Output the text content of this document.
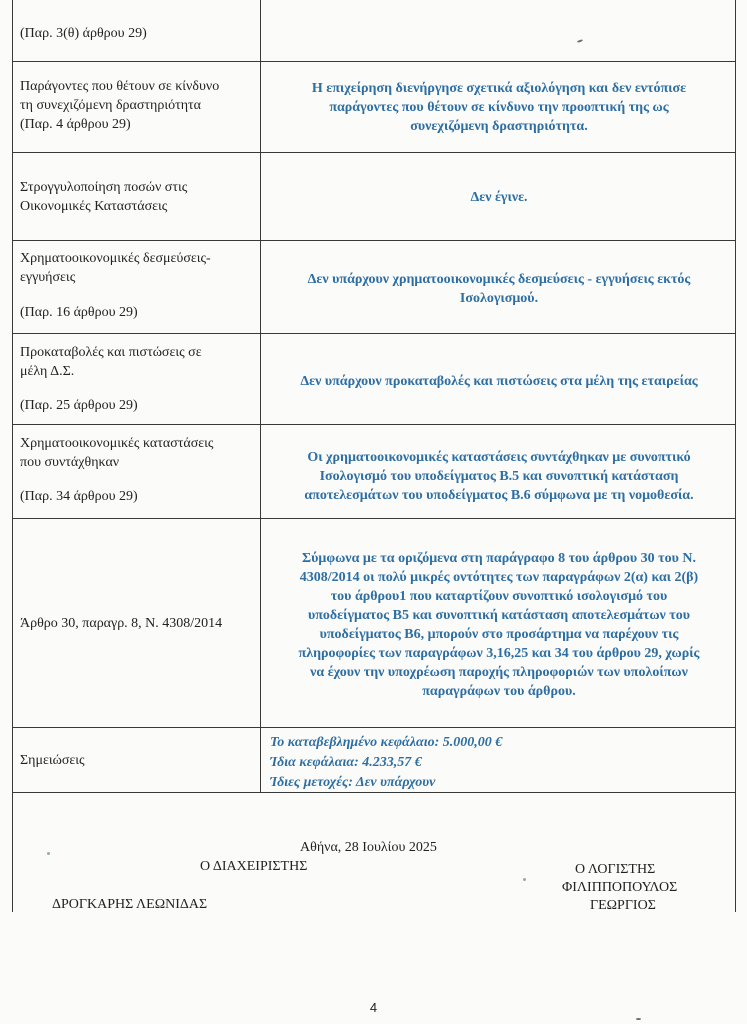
(Παρ. 3(θ) άρθρου 29)
Παράγοντες που θέτουν σε κίνδυνο
τη συνεχιζόμενη δραστηριότητα
(Παρ. 4 άρθρου 29)
Η επιχείρηση διενήργησε σχετικά αξιολόγηση και δεν εντόπισε
παράγοντες που θέτουν σε κίνδυνο την προοπτική της ως
συνεχιζόμενη δραστηριότητα.
Στρογγυλοποίηση ποσών στις
Οικονομικές Καταστάσεις
Δεν έγινε.
Χρηματοοικονομικές δεσμεύσεις-
εγγυήσεις
(Παρ. 16 άρθρου 29)
Δεν υπάρχουν χρηματοοικονομικές δεσμεύσεις - εγγυήσεις εκτός
Ισολογισμού.
Προκαταβολές και πιστώσεις σε
μέλη Δ.Σ.
(Παρ. 25 άρθρου 29)
Δεν υπάρχουν προκαταβολές και πιστώσεις στα μέλη της εταιρείας
Χρηματοοικονομικές καταστάσεις
που συντάχθηκαν
(Παρ. 34 άρθρου 29)
Οι χρηματοοικονομικές καταστάσεις συντάχθηκαν με συνοπτικό
Ισολογισμό του υποδείγματος Β.5 και συνοπτική κατάσταση
αποτελεσμάτων του υποδείγματος Β.6 σύμφωνα με τη νομοθεσία.
Άρθρο 30, παραγρ. 8, Ν. 4308/2014
Σύμφωνα με τα οριζόμενα στη παράγραφο 8 του άρθρου 30 του Ν.
4308/2014 οι πολύ μικρές οντότητες των παραγράφων 2(α) και 2(β)
του άρθρου1 που καταρτίζουν συνοπτικό ισολογισμό του
υποδείγματος Β5 και συνοπτική κατάσταση αποτελεσμάτων του
υποδείγματος Β6, μπορούν στο προσάρτημα να παρέχουν τις
πληροφορίες των παραγράφων 3,16,25 και 34 του άρθρου 29, χωρίς
να έχουν την υποχρέωση παροχής πληροφοριών των υπολοίπων
παραγράφων του άρθρου.
Σημειώσεις
Το καταβεβλημένο κεφάλαιο: 5.000,00 €
Ίδια κεφάλαια: 4.233,57 €
Ίδιες μετοχές: Δεν υπάρχουν
Αθήνα, 28 Ιουλίου 2025
Ο ΔΙΑΧΕΙΡΙΣΤΗΣ
ΔΡΟΓΚΑΡΗΣ ΛΕΩΝΙΔΑΣ
Ο ΛΟΓΙΣΤΗΣ
ΦΙΛΙΠΠΟΠΟΥΛΟΣ
ΓΕΩΡΓΙΟΣ
4
